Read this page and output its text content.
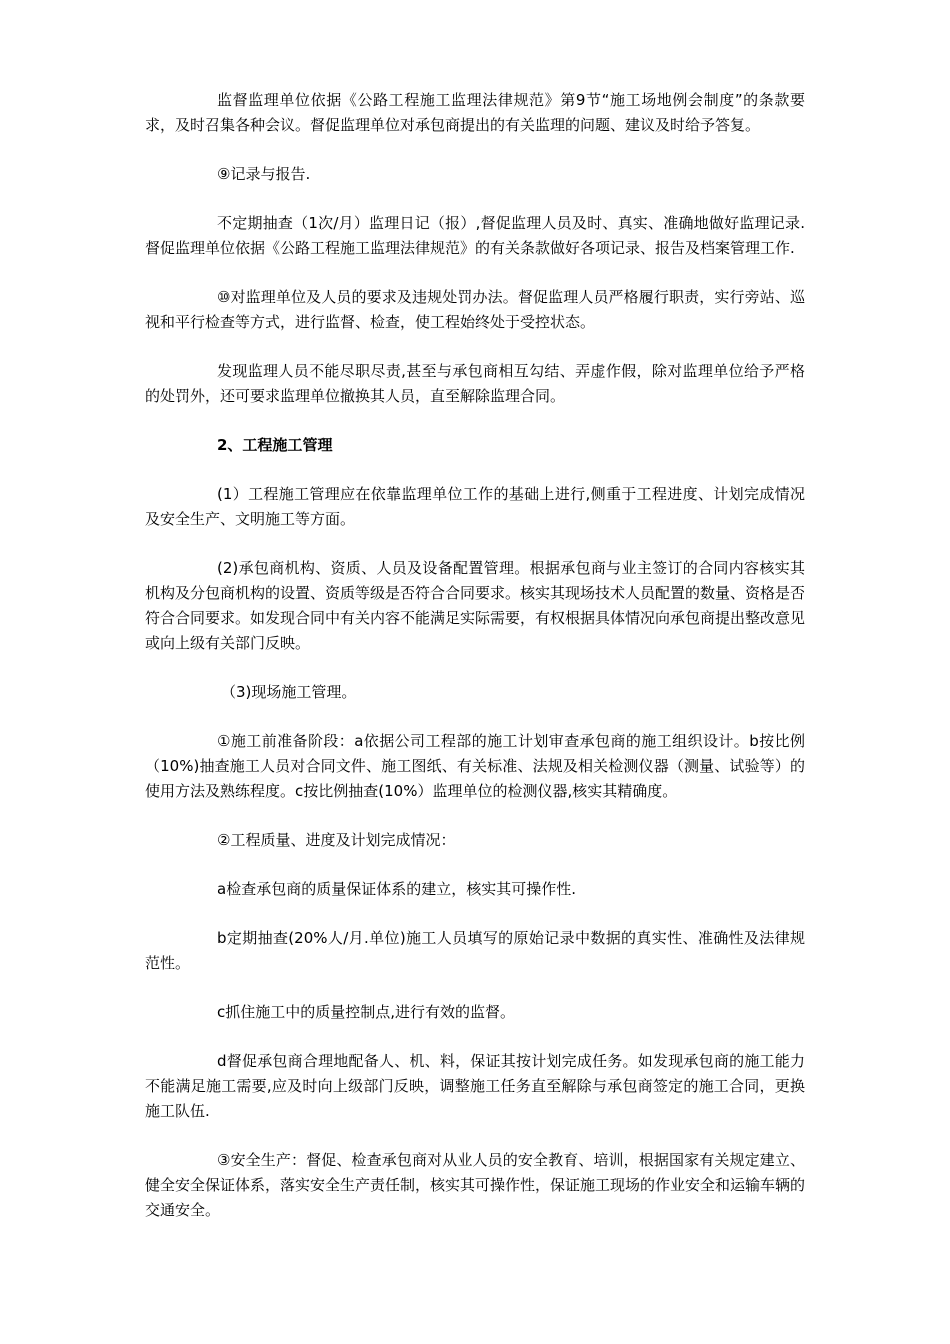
监督监理单位依据《公路工程施工监理法律规范》第9节“施工场地例会制度”的条款要求，及时召集各种会议。督促监理单位对承包商提出的有关监理的问题、建议及时给予答复。

⑨记录与报告.

不定期抽查（1次/月）监理日记（报）,督促监理人员及时、真实、准确地做好监理记录.督促监理单位依据《公路工程施工监理法律规范》的有关条款做好各项记录、报告及档案管理工作.

⑩对监理单位及人员的要求及违规处罚办法。督促监理人员严格履行职责，实行旁站、巡视和平行检查等方式，进行监督、检查，使工程始终处于受控状态。

发现监理人员不能尽职尽责,甚至与承包商相互勾结、弄虚作假，除对监理单位给予严格的处罚外，还可要求监理单位撤换其人员，直至解除监理合同。

2、工程施工管理

(1）工程施工管理应在依靠监理单位工作的基础上进行,侧重于工程进度、计划完成情况及安全生产、文明施工等方面。

(2)承包商机构、资质、人员及设备配置管理。根据承包商与业主签订的合同内容核实其机构及分包商机构的设置、资质等级是否符合合同要求。核实其现场技术人员配置的数量、资格是否符合合同要求。如发现合同中有关内容不能满足实际需要，有权根据具体情况向承包商提出整改意见或向上级有关部门反映。

（3)现场施工管理。

①施工前准备阶段：a依据公司工程部的施工计划审查承包商的施工组织设计。b按比例（10%)抽查施工人员对合同文件、施工图纸、有关标准、法规及相关检测仪器（测量、试验等）的使用方法及熟练程度。c按比例抽查(10%）监理单位的检测仪器,核实其精确度。

②工程质量、进度及计划完成情况：

a检查承包商的质量保证体系的建立，核实其可操作性.

b定期抽查(20%人/月.单位)施工人员填写的原始记录中数据的真实性、准确性及法律规范性。

c抓住施工中的质量控制点,进行有效的监督。

d督促承包商合理地配备人、机、料，保证其按计划完成任务。如发现承包商的施工能力不能满足施工需要,应及时向上级部门反映，调整施工任务直至解除与承包商签定的施工合同，更换施工队伍.

③安全生产：督促、检查承包商对从业人员的安全教育、培训，根据国家有关规定建立、健全安全保证体系，落实安全生产责任制，核实其可操作性，保证施工现场的作业安全和运输车辆的交通安全。
